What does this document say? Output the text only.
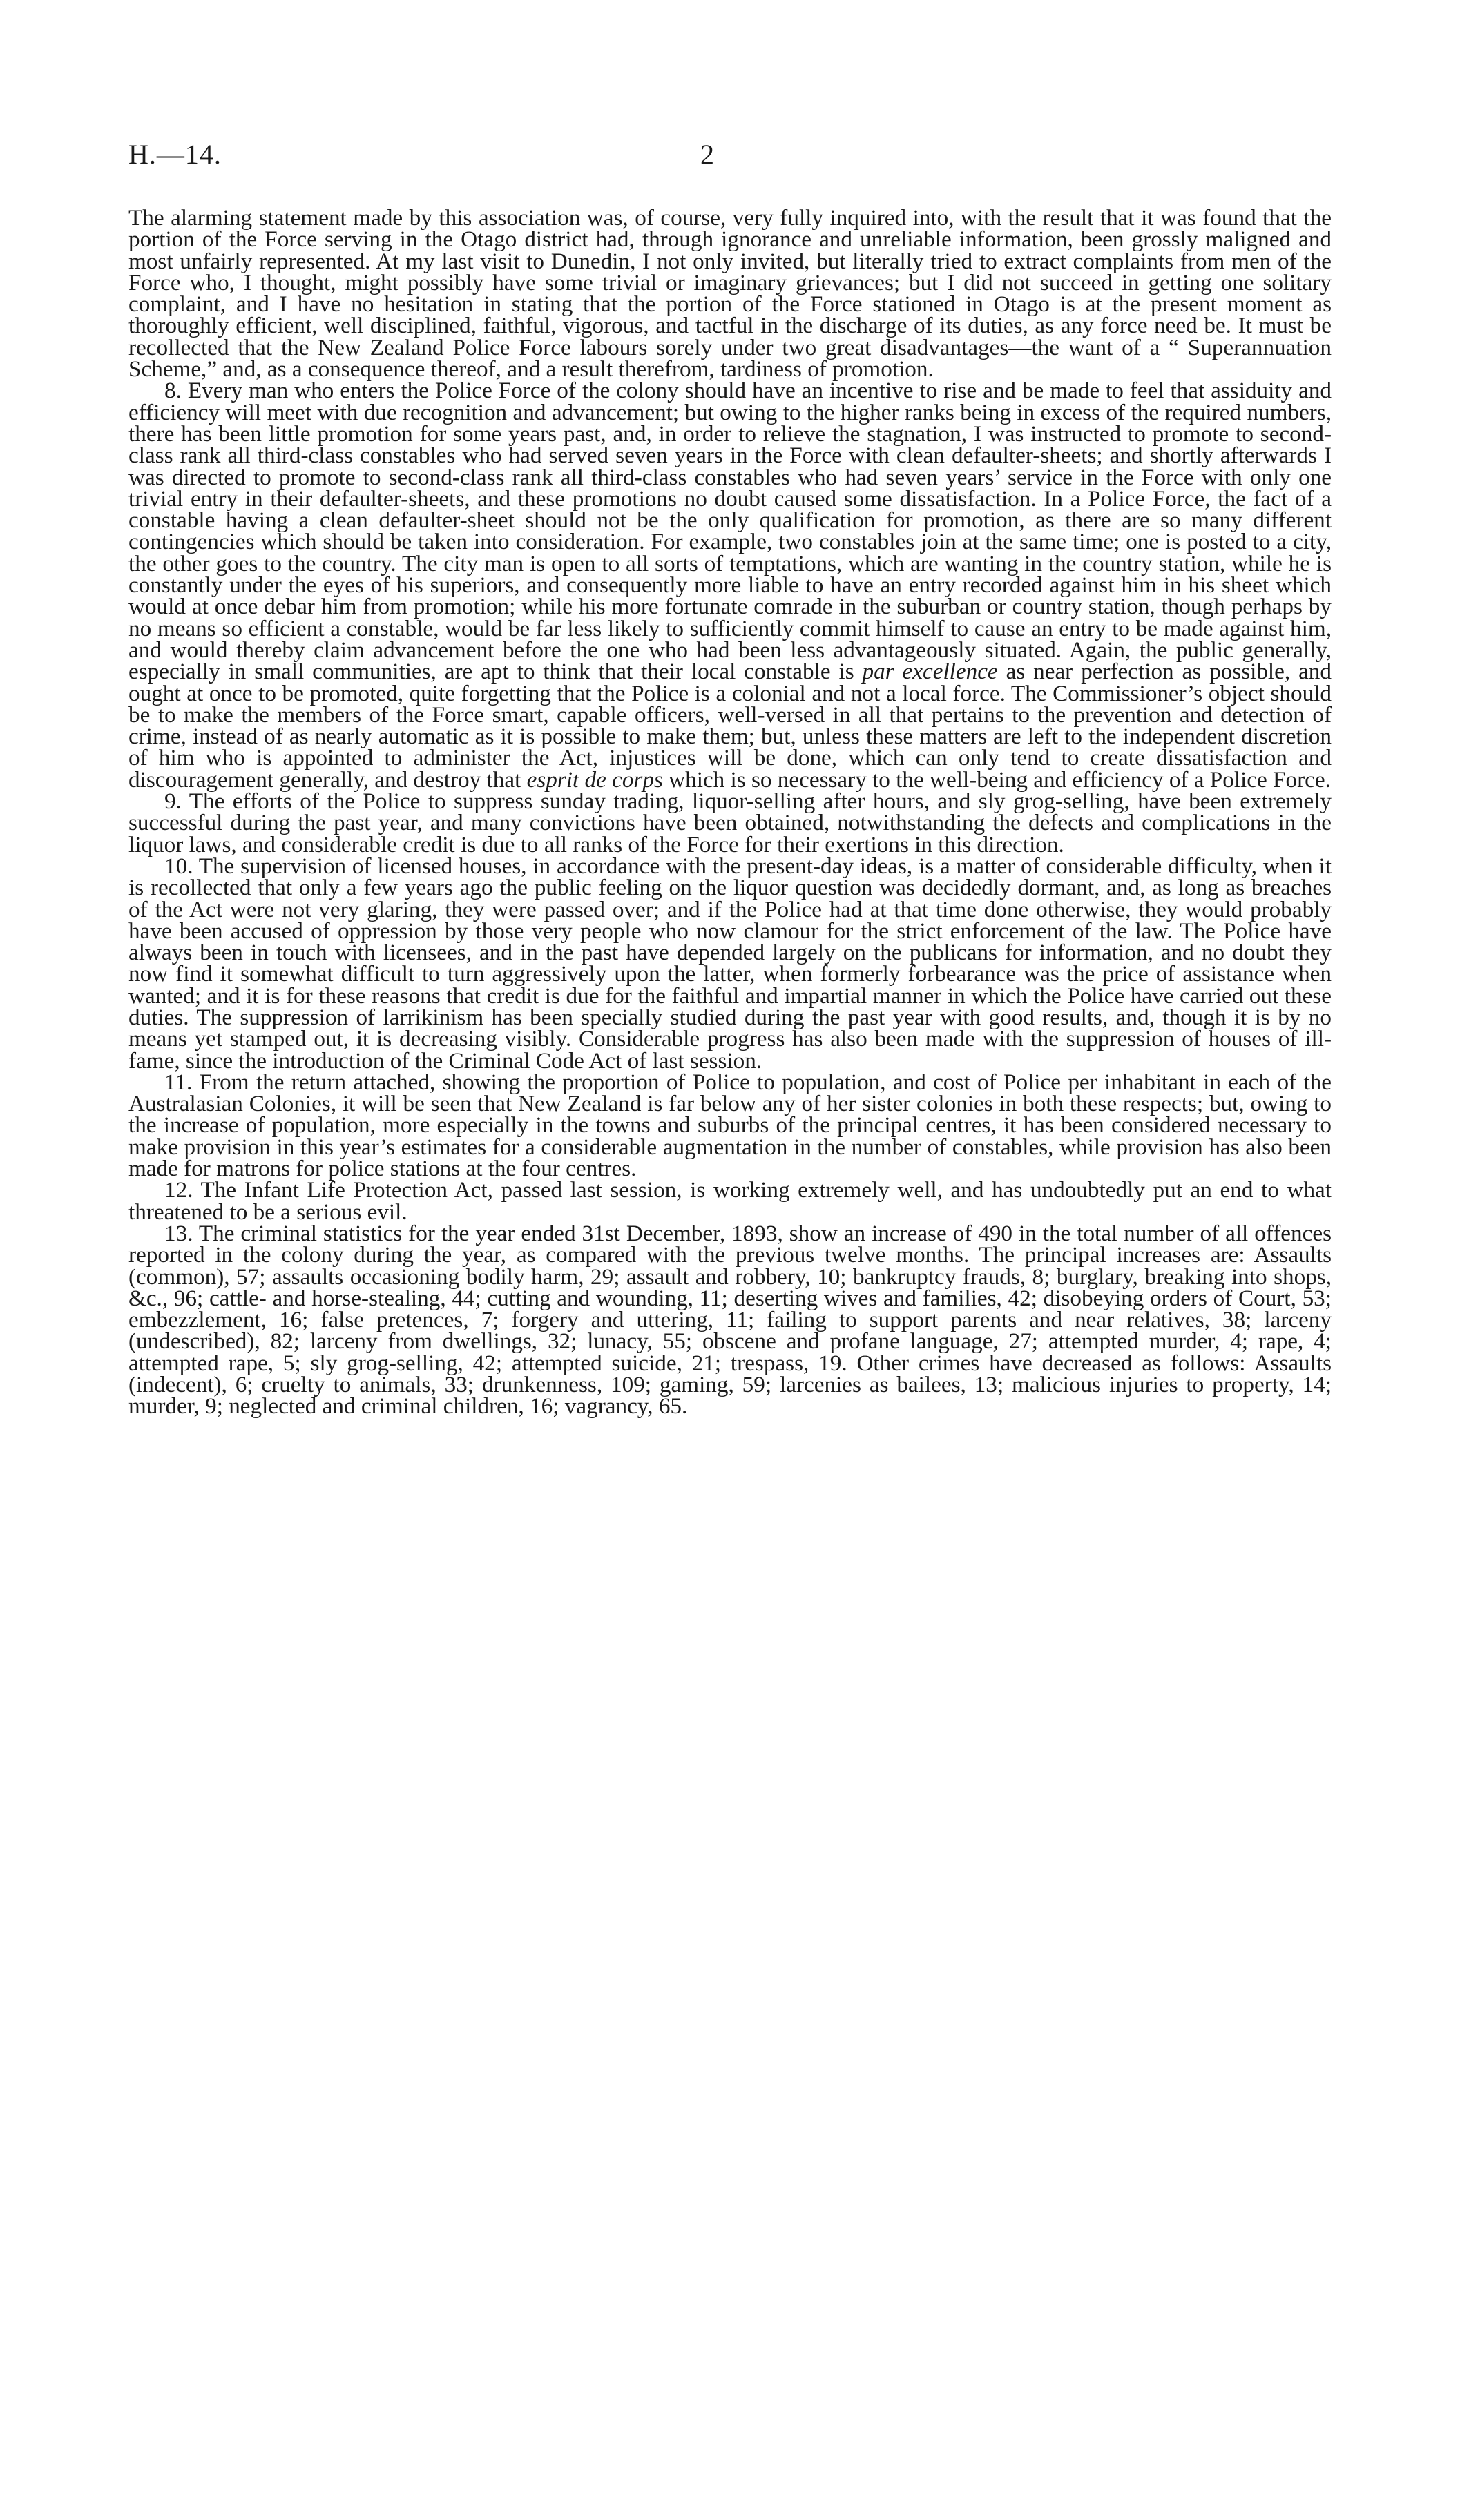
H.—14.	2

The alarming statement made by this association was, of course, very fully inquired into, with the result that it was found that the portion of the Force serving in the Otago district had, through ignorance and unreliable information, been grossly maligned and most unfairly represented. At my last visit to Dunedin, I not only invited, but literally tried to extract complaints from men of the Force who, I thought, might possibly have some trivial or imaginary grievances; but I did not succeed in getting one solitary complaint, and I have no hesitation in stating that the portion of the Force stationed in Otago is at the present moment as thoroughly efficient, well disciplined, faithful, vigorous, and tactful in the discharge of its duties, as any force need be. It must be recollected that the New Zealand Police Force labours sorely under two great disadvantages—the want of a “ Superannuation Scheme,” and, as a consequence thereof, and a result therefrom, tardiness of promotion.

8. Every man who enters the Police Force of the colony should have an incentive to rise and be made to feel that assiduity and efficiency will meet with due recognition and advancement; but owing to the higher ranks being in excess of the required numbers, there has been little promotion for some years past, and, in order to relieve the stagnation, I was instructed to promote to second-class rank all third-class constables who had served seven years in the Force with clean defaulter-sheets; and shortly afterwards I was directed to promote to second-class rank all third-class constables who had seven years’ service in the Force with only one trivial entry in their defaulter-sheets, and these promotions no doubt caused some dissatisfaction. In a Police Force, the fact of a constable having a clean defaulter-sheet should not be the only qualification for promotion, as there are so many different contingencies which should be taken into consideration. For example, two constables join at the same time; one is posted to a city, the other goes to the country. The city man is open to all sorts of temptations, which are wanting in the country station, while he is constantly under the eyes of his superiors, and consequently more liable to have an entry recorded against him in his sheet which would at once debar him from promotion; while his more fortunate comrade in the suburban or country station, though perhaps by no means so efficient a constable, would be far less likely to sufficiently commit himself to cause an entry to be made against him, and would thereby claim advancement before the one who had been less advantageously situated. Again, the public generally, especially in small communities, are apt to think that their local constable is par excellence as near perfection as possible, and ought at once to be promoted, quite forgetting that the Police is a colonial and not a local force. The Commissioner’s object should be to make the members of the Force smart, capable officers, well-versed in all that pertains to the prevention and detection of crime, instead of as nearly automatic as it is possible to make them; but, unless these matters are left to the independent discretion of him who is appointed to administer the Act, injustices will be done, which can only tend to create dissatisfaction and discouragement generally, and destroy that esprit de corps which is so necessary to the well-being and efficiency of a Police Force.

9. The efforts of the Police to suppress sunday trading, liquor-selling after hours, and sly grog-selling, have been extremely successful during the past year, and many convictions have been obtained, notwithstanding the defects and complications in the liquor laws, and considerable credit is due to all ranks of the Force for their exertions in this direction.

10. The supervision of licensed houses, in accordance with the present-day ideas, is a matter of considerable difficulty, when it is recollected that only a few years ago the public feeling on the liquor question was decidedly dormant, and, as long as breaches of the Act were not very glaring, they were passed over; and if the Police had at that time done otherwise, they would probably have been accused of oppression by those very people who now clamour for the strict enforcement of the law. The Police have always been in touch with licensees, and in the past have depended largely on the publicans for information, and no doubt they now find it somewhat difficult to turn aggressively upon the latter, when formerly forbearance was the price of assistance when wanted; and it is for these reasons that credit is due for the faithful and impartial manner in which the Police have carried out these duties. The suppression of larrikinism has been specially studied during the past year with good results, and, though it is by no means yet stamped out, it is decreasing visibly. Considerable progress has also been made with the suppression of houses of ill-fame, since the introduction of the Criminal Code Act of last session.

11. From the return attached, showing the proportion of Police to population, and cost of Police per inhabitant in each of the Australasian Colonies, it will be seen that New Zealand is far below any of her sister colonies in both these respects; but, owing to the increase of population, more especially in the towns and suburbs of the principal centres, it has been considered necessary to make provision in this year’s estimates for a considerable augmentation in the number of constables, while provision has also been made for matrons for police stations at the four centres.

12. The Infant Life Protection Act, passed last session, is working extremely well, and has undoubtedly put an end to what threatened to be a serious evil.

13. The criminal statistics for the year ended 31st December, 1893, show an increase of 490 in the total number of all offences reported in the colony during the year, as compared with the previous twelve months. The principal increases are: Assaults (common), 57; assaults occasioning bodily harm, 29; assault and robbery, 10; bankruptcy frauds, 8; burglary, breaking into shops, &c., 96; cattle- and horse-stealing, 44; cutting and wounding, 11; deserting wives and families, 42; disobeying orders of Court, 53; embezzlement, 16; false pretences, 7; forgery and uttering, 11; failing to support parents and near relatives, 38; larceny (undescribed), 82; larceny from dwellings, 32; lunacy, 55; obscene and profane language, 27; attempted murder, 4; rape, 4; attempted rape, 5; sly grog-selling, 42; attempted suicide, 21; trespass, 19. Other crimes have decreased as follows: Assaults (indecent), 6; cruelty to animals, 33; drunkenness, 109; gaming, 59; larcenies as bailees, 13; malicious injuries to property, 14; murder, 9; neglected and criminal children, 16; vagrancy, 65.
